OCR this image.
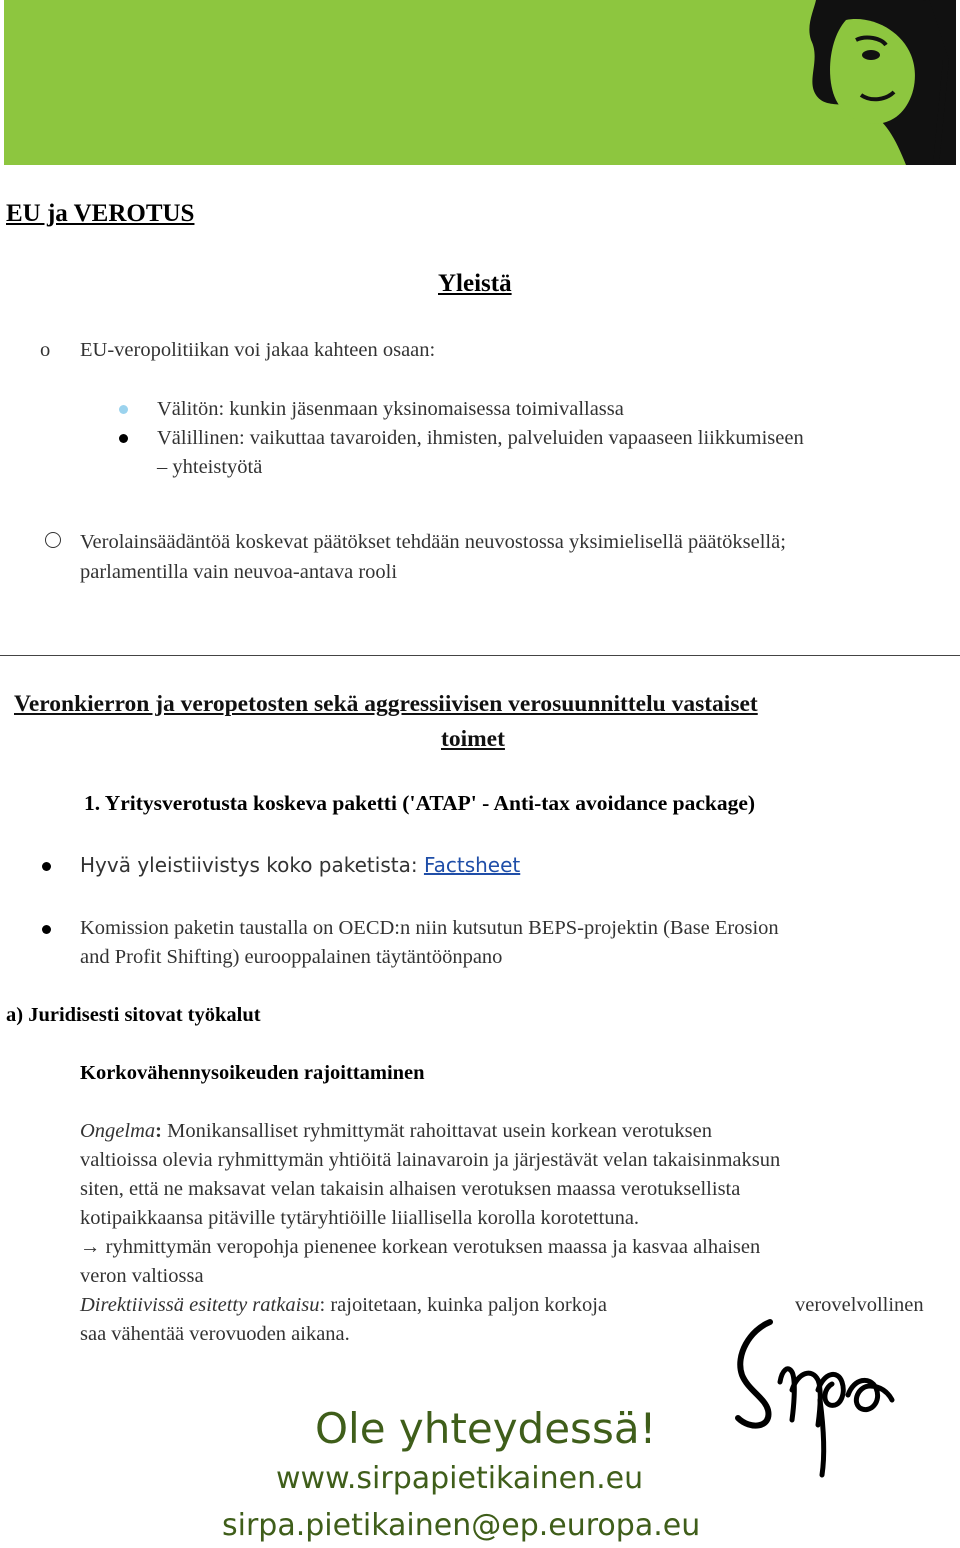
EU ja VEROTUS
Yleistä
o EU-veropolitiikan voi jakaa kahteen osaan:
Välitön: kunkin jäsenmaan yksinomaisessa toimivallassa
Välillinen: vaikuttaa tavaroiden, ihmisten, palveluiden vapaaseen liikkumiseen
– yhteistyötä
Verolainsäädäntöä koskevat päätökset tehdään neuvostossa yksimielisellä päätöksellä;
parlamentilla vain neuvoa-antava rooli
Veronkierron ja veropetosten sekä aggressiivisen verosuunnittelu vastaiset
toimet
1. Yritysverotusta koskeva paketti ('ATAP' - Anti-tax avoidance package)
Hyvä yleistiivistys koko paketista: Factsheet
Komission paketin taustalla on OECD:n niin kutsutun BEPS-projektin (Base Erosion
and Profit Shifting) eurooppalainen täytäntöönpano
a) Juridisesti sitovat työkalut
Korkovähennysoikeuden rajoittaminen
Ongelma: Monikansalliset ryhmittymät rahoittavat usein korkean verotuksen
valtioissa olevia ryhmittymän yhtiöitä lainavaroin ja järjestävät velan takaisinmaksun
siten, että ne maksavat velan takaisin alhaisen verotuksen maassa verotuksellista
kotipaikkaansa pitäville tytäryhtiöille liiallisella korolla korotettuna.
→ ryhmittymän veropohja pienenee korkean verotuksen maassa ja kasvaa alhaisen
veron valtiossa
Direktiivissä esitetty ratkaisu: rajoitetaan, kuinka paljon korkoja	verovelvollinen
saa vähentää verovuoden aikana.
Ole yhteydessä!
www.sirpapietikainen.eu
sirpa.pietikainen@ep.europa.eu
